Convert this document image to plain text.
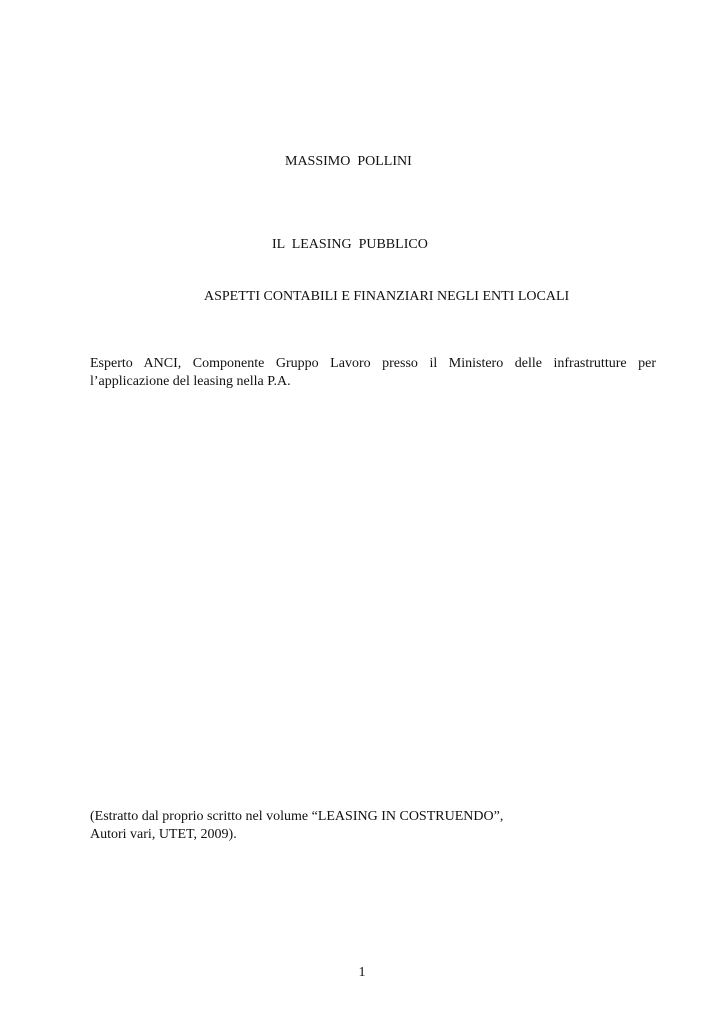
MASSIMO  POLLINI
IL  LEASING  PUBBLICO
ASPETTI CONTABILI E FINANZIARI NEGLI ENTI LOCALI
Esperto ANCI, Componente Gruppo Lavoro presso il Ministero delle infrastrutture per l’applicazione del leasing nella P.A.
(Estratto dal proprio scritto nel volume “LEASING IN COSTRUENDO”,
Autori vari, UTET, 2009).
1
